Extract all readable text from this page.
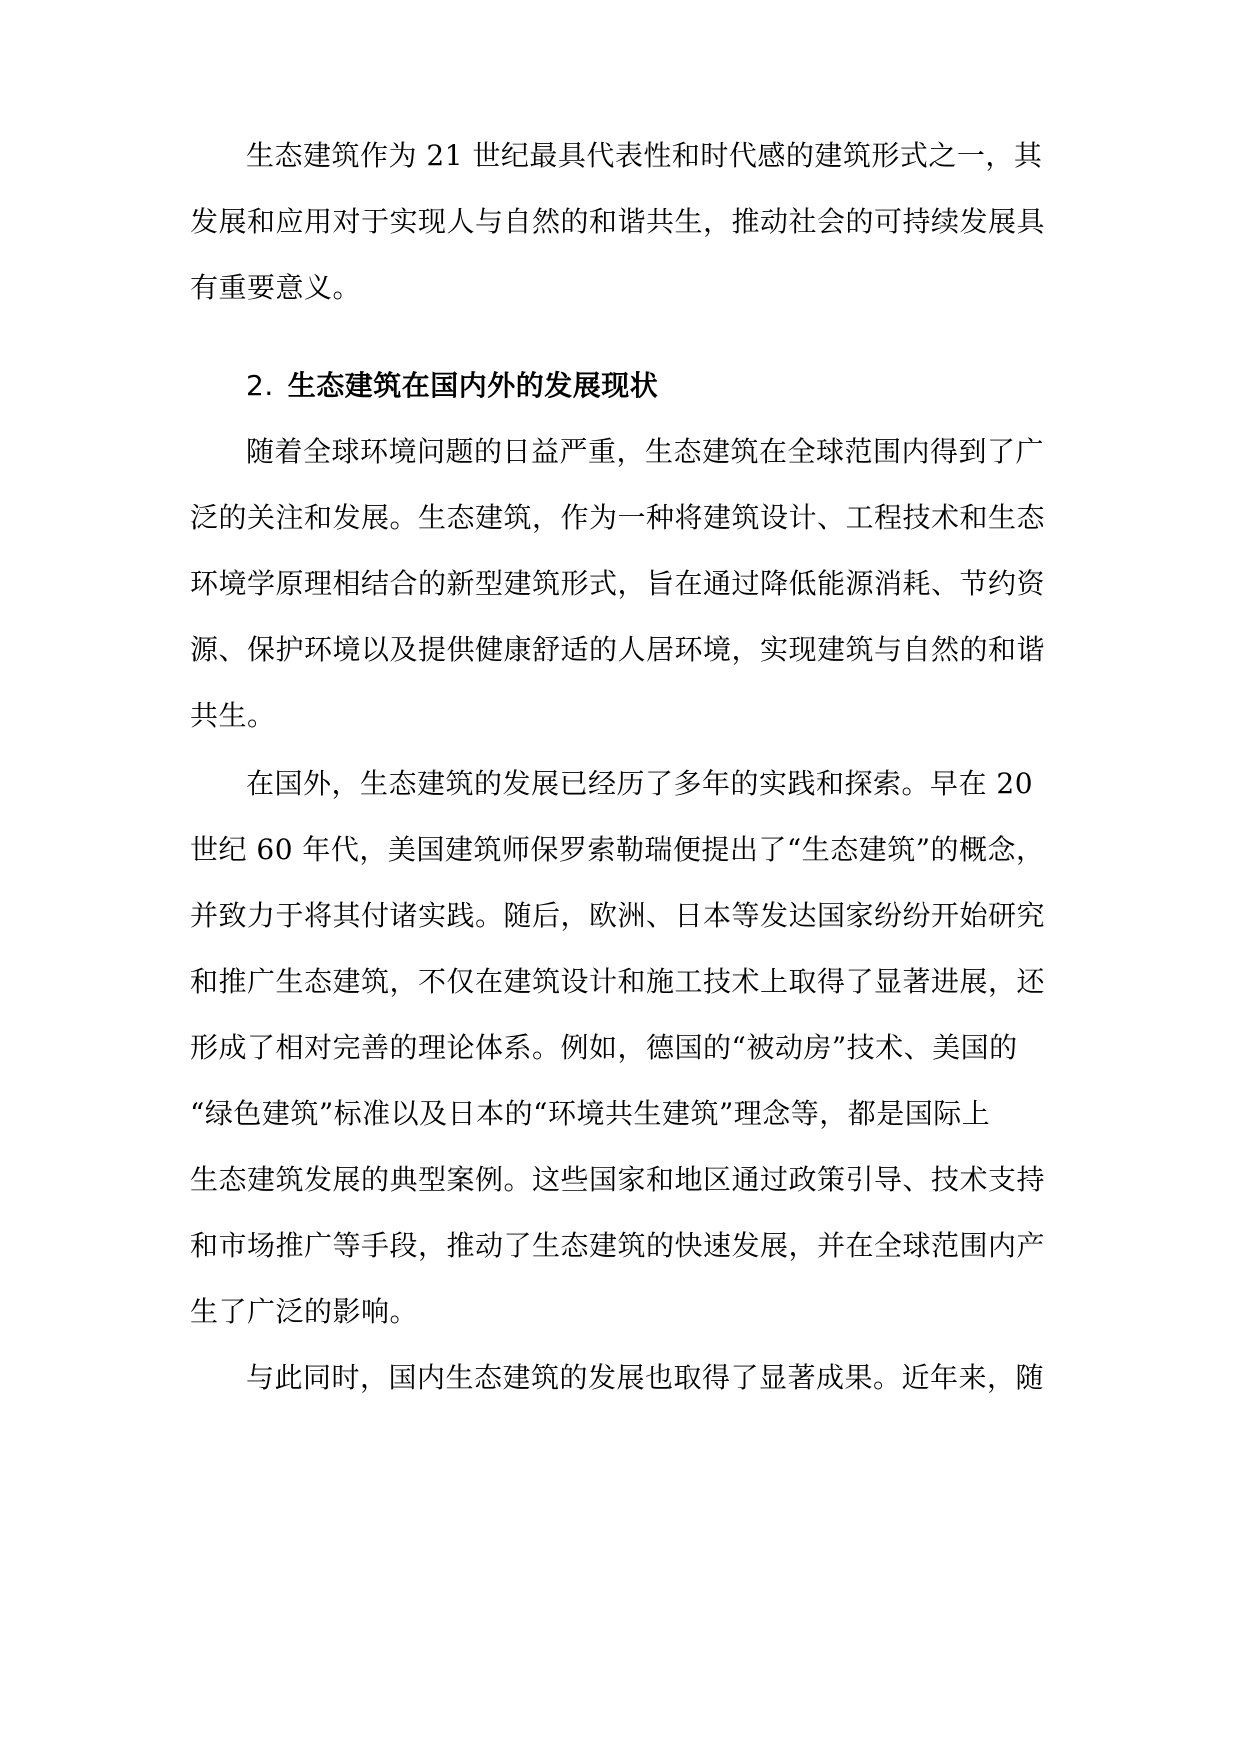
生态建筑作为 21 世纪最具代表性和时代感的建筑形式之一，其
发展和应用对于实现人与自然的和谐共生，推动社会的可持续发展具
有重要意义。
2. 生态建筑在国内外的发展现状
随着全球环境问题的日益严重，生态建筑在全球范围内得到了广
泛的关注和发展。生态建筑，作为一种将建筑设计、工程技术和生态
环境学原理相结合的新型建筑形式，旨在通过降低能源消耗、节约资
源、保护环境以及提供健康舒适的人居环境，实现建筑与自然的和谐
共生。
在国外，生态建筑的发展已经历了多年的实践和探索。早在 20
世纪 60 年代，美国建筑师保罗索勒瑞便提出了“生态建筑”的概念，
并致力于将其付诸实践。随后，欧洲、日本等发达国家纷纷开始研究
和推广生态建筑，不仅在建筑设计和施工技术上取得了显著进展，还
形成了相对完善的理论体系。例如，德国的“被动房”技术、美国的
“绿色建筑”标准以及日本的“环境共生建筑”理念等，都是国际上
生态建筑发展的典型案例。这些国家和地区通过政策引导、技术支持
和市场推广等手段，推动了生态建筑的快速发展，并在全球范围内产
生了广泛的影响。
与此同时，国内生态建筑的发展也取得了显著成果。近年来，随
